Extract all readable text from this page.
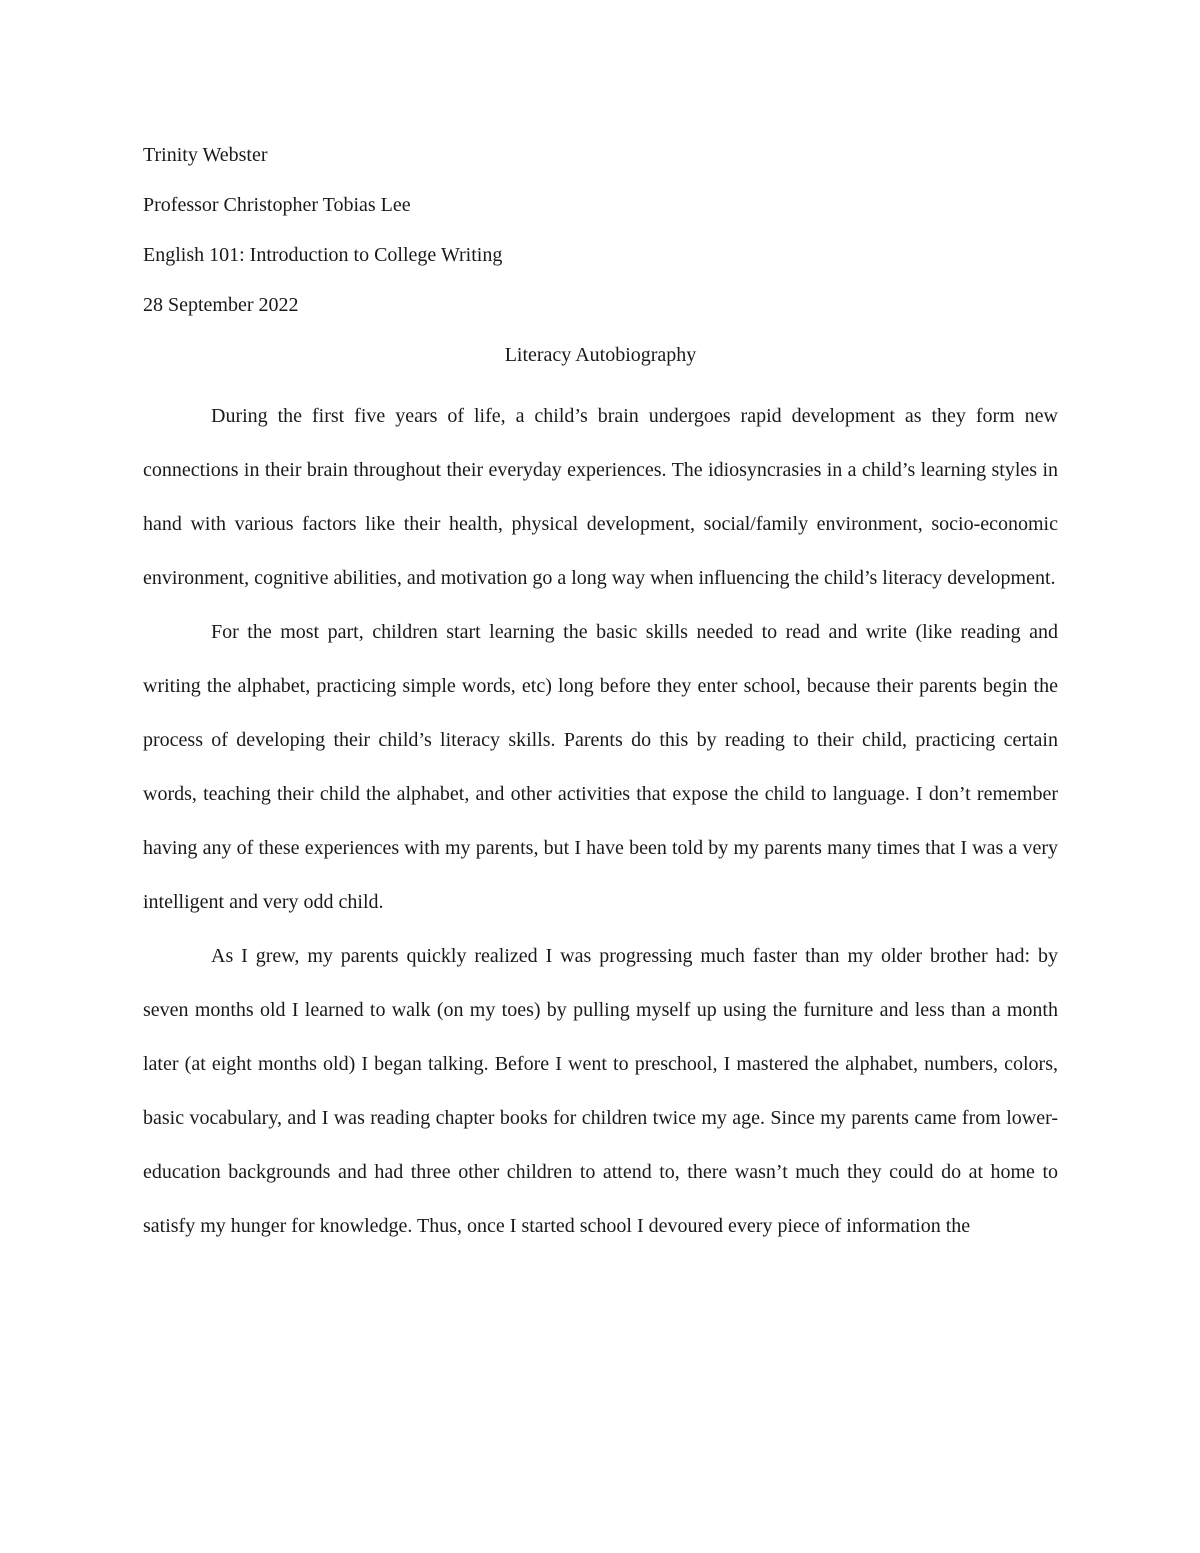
Trinity Webster

Professor Christopher Tobias Lee

English 101: Introduction to College Writing

28 September 2022

Literacy Autobiography

During the first five years of life, a child’s brain undergoes rapid development as they form new connections in their brain throughout their everyday experiences. The idiosyncrasies in a child’s learning styles in hand with various factors like their health, physical development, social/family environment, socio-economic environment, cognitive abilities, and motivation go a long way when influencing the child’s literacy development.

For the most part, children start learning the basic skills needed to read and write (like reading and writing the alphabet, practicing simple words, etc) long before they enter school, because their parents begin the process of developing their child’s literacy skills. Parents do this by reading to their child, practicing certain words, teaching their child the alphabet, and other activities that expose the child to language. I don’t remember having any of these experiences with my parents, but I have been told by my parents many times that I was a very intelligent and very odd child.

As I grew, my parents quickly realized I was progressing much faster than my older brother had: by seven months old I learned to walk (on my toes) by pulling myself up using the furniture and less than a month later (at eight months old) I began talking. Before I went to preschool, I mastered the alphabet, numbers, colors, basic vocabulary, and I was reading chapter books for children twice my age. Since my parents came from lower-education backgrounds and had three other children to attend to, there wasn’t much they could do at home to satisfy my hunger for knowledge. Thus, once I started school I devoured every piece of information the
